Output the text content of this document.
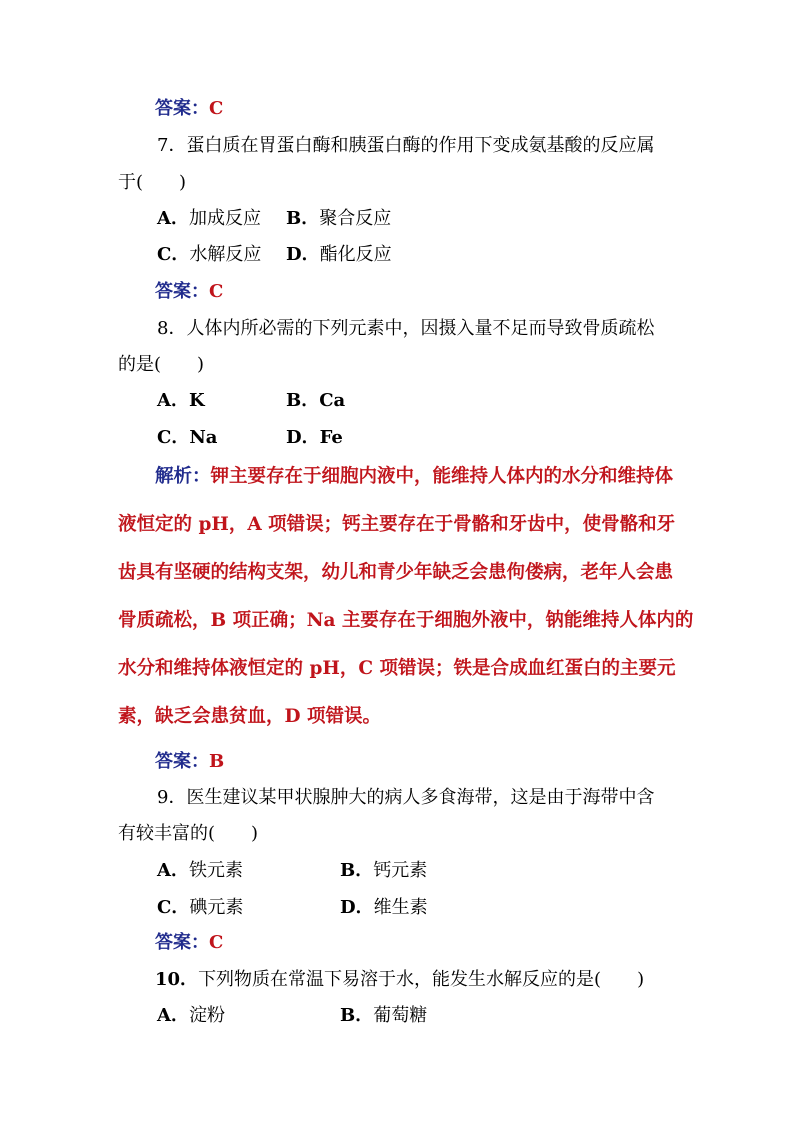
答案：C
7．蛋白质在胃蛋白酶和胰蛋白酶的作用下变成氨基酸的反应属
于(　　)
A．加成反应 B．聚合反应
C．水解反应 D．酯化反应
答案：C
8．人体内所必需的下列元素中，因摄入量不足而导致骨质疏松
的是(　　)
A．K	B．Ca
C．Na	D．Fe
解析：钾主要存在于细胞内液中，能维持人体内的水分和维持体
液恒定的 pH，A 项错误；钙主要存在于骨骼和牙齿中，使骨骼和牙
齿具有坚硬的结构支架，幼儿和青少年缺乏会患佝偻病，老年人会患
骨质疏松，B 项正确；Na 主要存在于细胞外液中，钠能维持人体内的
水分和维持体液恒定的 pH，C 项错误；铁是合成血红蛋白的主要元
素，缺乏会患贫血，D 项错误。
答案：B
9．医生建议某甲状腺肿大的病人多食海带，这是由于海带中含
有较丰富的(　　)
A．铁元素	B．钙元素
C．碘元素	D．维生素
答案：C
10．下列物质在常温下易溶于水，能发生水解反应的是(　　)
A．淀粉	B．葡萄糖
